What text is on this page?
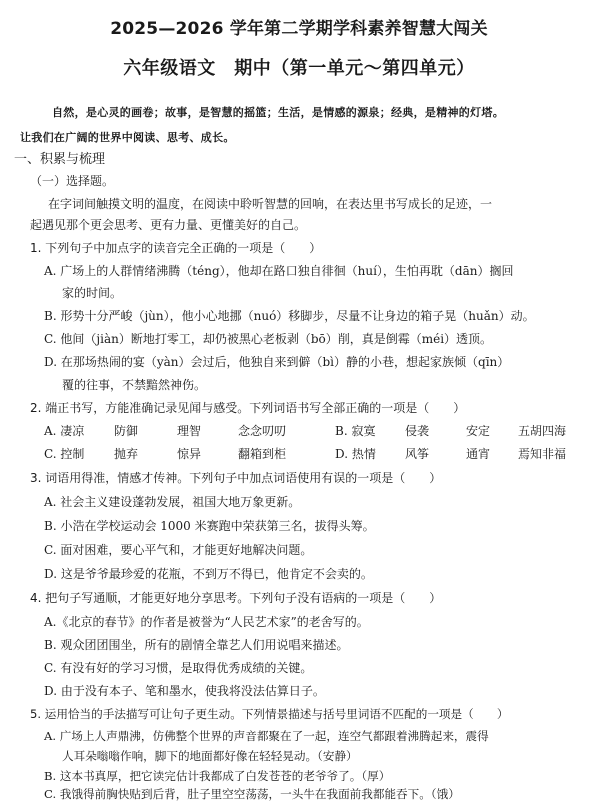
2025—2026 学年第二学期学科素养智慧大闯关
六年级语文　期中（第一单元～第四单元）
自然，是心灵的画卷；故事，是智慧的摇篮；生活，是情感的源泉；经典，是精神的灯塔。
让我们在广阔的世界中阅读、思考、成长。
一、积累与梳理
（一）选择题。
在字词间触摸文明的温度，在阅读中聆听智慧的回响，在表达里书写成长的足迹，一
起遇见那个更会思考、更有力量、更懂美好的自己。
1. 下列句子中加点字的读音完全正确的一项是（　　）
A. 广场上的人群情绪沸腾（téng），他却在路口独自徘徊（huí），生怕再耽（dān）搁回
家的时间。
B. 形势十分严峻（jùn），他小心地挪（nuó）移脚步，尽量不让身边的箱子晃（huǎn）动。
C. 他间（jiàn）断地打零工，却仍被黑心老板剥（bō）削，真是倒霉（méi）透顶。
D. 在那场热闹的宴（yàn）会过后，他独自来到僻（bì）静的小巷，想起家族倾（qīn）
覆的往事，不禁黯然神伤。
2. 端正书写，方能准确记录见闻与感受。下列词语书写全部正确的一项是（　　）
A. 凄凉 防御	理智	念念叨叨	B. 寂寞 侵袭	安定 五胡四海
C. 控制 抛弃	惊异	翻箱到柜	D. 热情 风筝	通宵 焉知非福
3. 词语用得准，情感才传神。下列句子中加点词语使用有误的一项是（　　）
A. 社会主义建设蓬勃发展，祖国大地万象更新。
B. 小浩在学校运动会 1000 米赛跑中荣获第三名，拔得头筹。
C. 面对困难，要心平气和，才能更好地解决问题。
D. 这是爷爷最珍爱的花瓶，不到万不得已，他肯定不会卖的。
4. 把句子写通顺，才能更好地分享思考。下列句子没有语病的一项是（　　）
A.《北京的春节》的作者是被誉为“人民艺术家”的老舍写的。
B. 观众团团围坐，所有的剧情全靠艺人们用说唱来描述。
C. 有没有好的学习习惯，是取得优秀成绩的关键。
D. 由于没有本子、笔和墨水，使我将没法估算日子。
5. 运用恰当的手法描写可让句子更生动。下列情景描述与括号里词语不匹配的一项是（　　）
A. 广场上人声鼎沸，仿佛整个世界的声音都聚在了一起，连空气都跟着沸腾起来，震得
人耳朵嗡嗡作响，脚下的地面都好像在轻轻晃动。（安静）
B. 这本书真厚，把它读完估计我都成了白发苍苍的老爷爷了。（厚）
C. 我饿得前胸快贴到后背，肚子里空空荡荡，一头牛在我面前我都能吞下。（饿）
